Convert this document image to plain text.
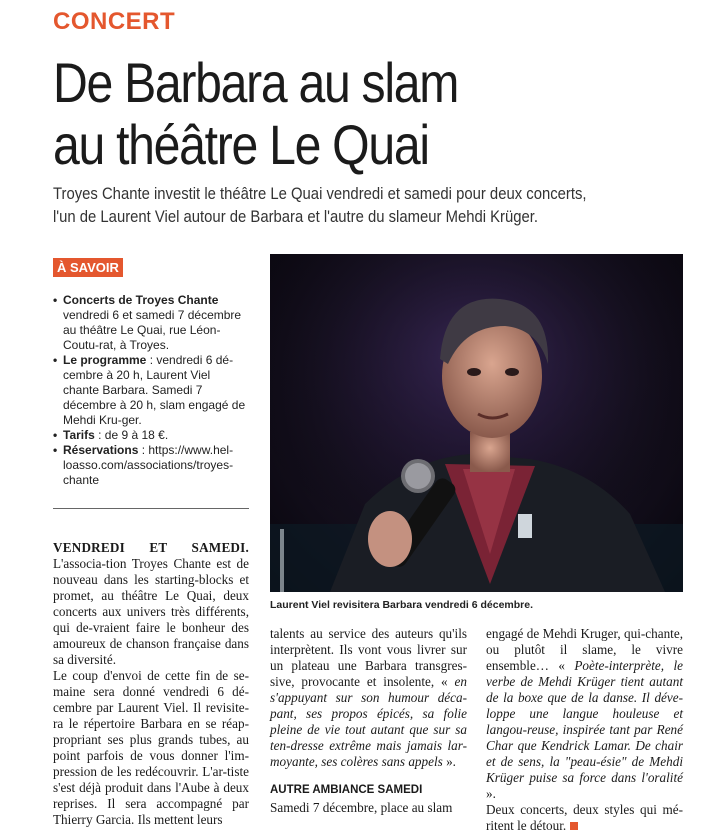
CONCERT
De Barbara au slam
au théâtre Le Quai
Troyes Chante investit le théâtre Le Quai vendredi et samedi pour deux concerts,
l'un de Laurent Viel autour de Barbara et l'autre du slameur Mehdi Krüger.
À SAVOIR
• Concerts de Troyes Chante vendredi 6 et samedi 7 décembre au théâtre Le Quai, rue Léon-Coutu-rat, à Troyes.
• Le programme : vendredi 6 dé-cembre à 20 h, Laurent Viel chante Barbara. Samedi 7 décembre à 20 h, slam engagé de Mehdi Kru-ger.
• Tarifs : de 9 à 18 €.
• Réservations : https://www.hel-loasso.com/associations/troyes-chante
Laurent Viel revisitera Barbara vendredi 6 décembre.

VENDREDI ET SAMEDI. L'associa-tion Troyes Chante est de nouveau dans les starting-blocks et promet, au théâtre Le Quai, deux concerts aux univers très différents, qui de-vraient faire le bonheur des amoureux de chanson française dans sa diversité.

Le coup d'envoi de cette fin de se-maine sera donné vendredi 6 dé-cembre par Laurent Viel. Il revisite-ra le répertoire Barbara en se réap-propriant ses plus grands tubes, au point parfois de vous donner l'im-pression de les redécouvrir. L'ar-tiste s'est déjà produit dans l'Aube à deux reprises. Il sera accompagné par Thierry Garcia. Ils mettent leurs

talents au service des auteurs qu'ils interprètent. Ils vont vous livrer sur un plateau une Barbara transgres-sive, provocante et insolente, « en s'appuyant sur son humour déca-pant, ses propos épicés, sa folie pleine de vie tout autant que sur sa ten-dresse extrême mais jamais lar-moyante, ses colères sans appels ».

AUTRE AMBIANCE SAMEDI

Samedi 7 décembre, place au slam

engagé de Mehdi Kruger, qui-chante, ou plutôt il slame, le vivre ensemble… « Poète-interprète, le verbe de Mehdi Krüger tient autant de la boxe que de la danse. Il déve-loppe une langue houleuse et langou-reuse, inspirée tant par René Char que Kendrick Lamar. De chair et de sens, la "peau-ésie" de Mehdi Krüger puise sa force dans l'oralité ».

Deux concerts, deux styles qui mé-ritent le détour.
